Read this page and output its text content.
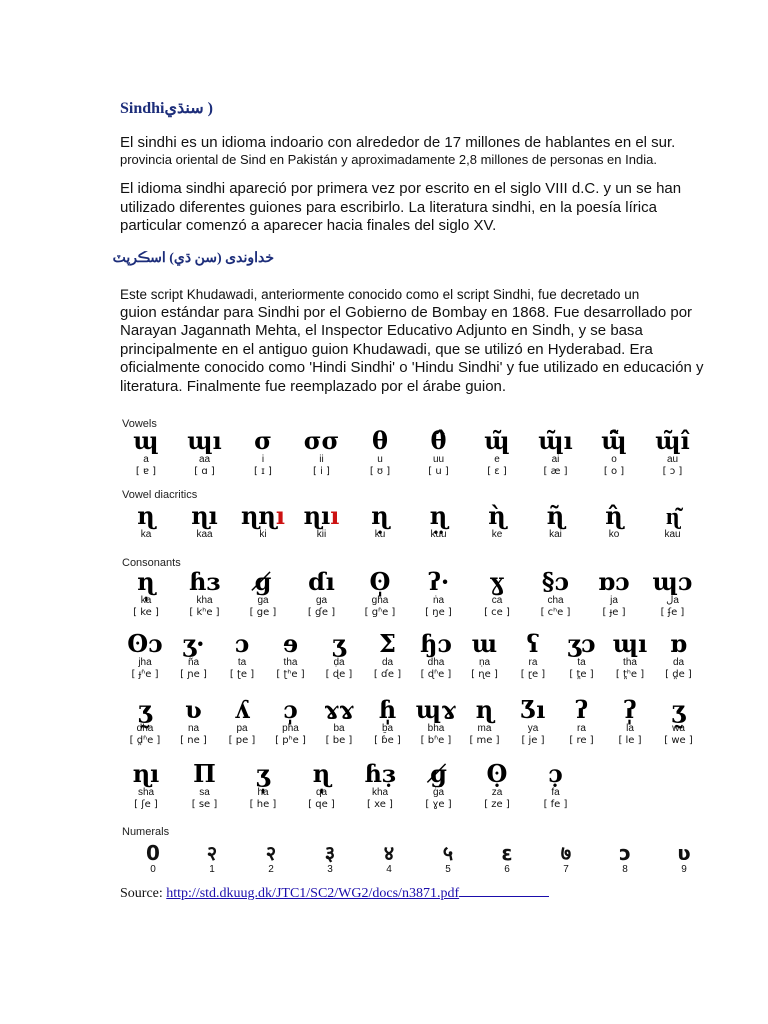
Sindhiسنڌي )
El sindhi es un idioma indoario con alrededor de 17 millones de hablantes en el sur.
provincia oriental de Sind en Pakistán y aproximadamente 2,8 millones de personas en India.
El idioma sindhi apareció por primera vez por escrito en el siglo VIII d.C. y un se han utilizado diferentes guiones para escribirlo. La literatura sindhi, en la poesía lírica particular comenzó a aparecer hacia finales del siglo XV.
خداوندی (سن ڌي) اسڪرپٽ
Este script Khudawadi, anteriormente conocido como el script Sindhi, fue decretado un
guion estándar para Sindhi por el Gobierno de Bombay en 1868. Fue desarrollado por Narayan Jagannath Mehta, el Inspector Educativo Adjunto en Sindh, y se basa principalmente en el antiguo guion Khudawadi, que se utilizó en Hyderabad. Era oficialmente conocido como 'Hindi Sindhi' o 'Hindu Sindhi' y fue utilizado en educación y literatura. Finalmente fue reemplazado por el árabe guion.
Vowels
Vowel diacritics
Consonants
Numerals
ɰ
a
[ ɐ ]
ɰı
aa
[ ɑ ]
σ
i
[ ɪ ]
σσ
ii
[ i ]
θ
u
[ ʊ ]
θ̂
uu
[ u ]
ɰ̃
e
[ ɛ ]
ɰ̃ı
ai
[ æ ]
ɰ̃̂
o
[ o ]
ɰ̃ı̂
au
[ ɔ ]
ɳ
ka
ɳı
kaa
ɳɳı
ki
ɳıı
kii
ɳ
ku
ɳ
kuu
ɳ
ke
ɳ
kai
ɳ
ko
ɳ
kau
ɳ̩
ka
[ ke ]
ɦɜ
kha
[ kʰe ]
ɡ̸
ga
[ ge ]
ɗı
ɡa
[ ɠe ]
ʘ̩
gha
[ gʱe ]
ʔ·
ṅa
[ ŋe ]
ɣ
ca
[ ce ]
§ɔ
cha
[ cʰe ]
ɒɔ
ja
[ ɟe ]
ɰɔ
لa
[ ʄe ]
ʘɔ
jha
[ ɟʱe ]
ʒ·
ña
[ ɲe ]
ɔ
ta
[ ʈe ]
ɘ
tha
[ ʈʰe ]
ʒ
ḍa
[ ɖe ]
Σ
da
[ ɗe ]
ɧɔ
dha
[ ɖʱe ]
ɯ
ṇa
[ ɳe ]
ʕ
ra
[ ɽe ]
ʒɔ
ta
[ t̪e ]
ɰı
tha
[ t̪ʰe ]
ɒ
da
[ d̪e ]
ʒ̰
dha
[ d̪ʱe ]
ʋ
na
[ ne ]
ʎ
pa
[ pe ]
ɔ̩
pha
[ pʰe ]
ɤɤ
ba
[ be ]
ɦ̩
ḇa
[ ɓe ]
ɰɤ
bha
[ bʱe ]
ɳ
ma
[ me ]
Ʒı
ya
[ je ]
ʔ
ra
[ re ]
ʔ̩
la
[ le ]
ʒ̰
wa
[ we ]
ɳı
sha
[ ʃe ]
Π
sa
[ se ]
ʒ̩
ha
[ he ]
ɳ̩
qa
[ qe ]
ɦɜ̣
kha
[ xe ]
ɡ̸̣
ġa
[ ɣe ]
ʘ̣
za
[ ze ]
ɔ̣
fa
[ fe ]
0
0
२
1
२
2
३
3
४
4
५
5
ε
6
७
7
ɔ
8
ʋ
9
Source: http://std.dkuug.dk/JTC1/SC2/WG2/docs/n3871.pdf
